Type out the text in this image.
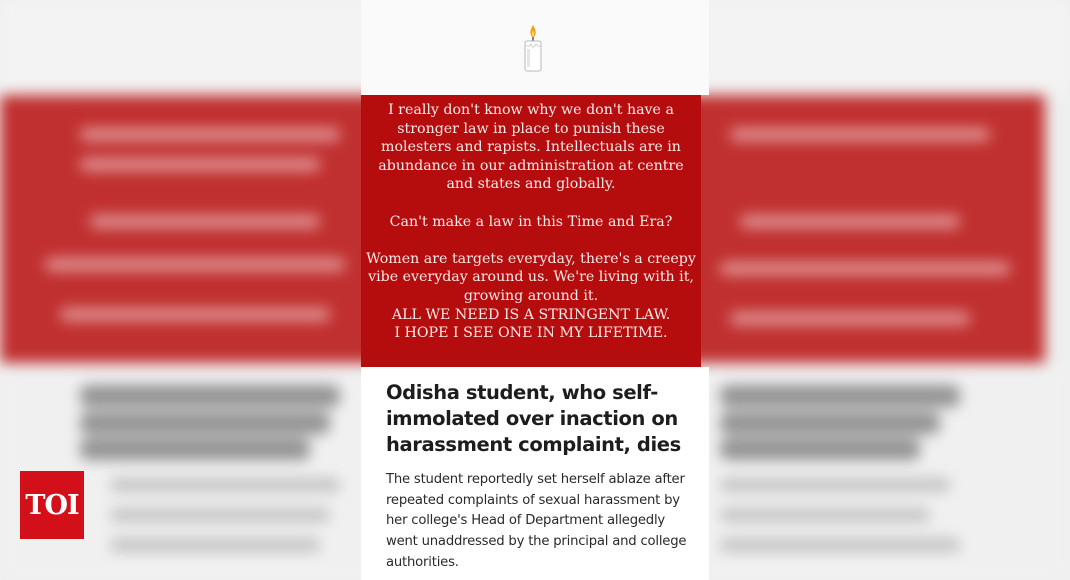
I really don't know why we don't have a
stronger law in place to punish these
molesters and rapists. Intellectuals are in
abundance in our administration at centre
and states and globally.
Can't make a law in this Time and Era?
Women are targets everyday, there's a creepy
vibe everyday around us. We're living with it,
growing around it.
ALL WE NEED IS A STRINGENT LAW.
I HOPE I SEE ONE IN MY LIFETIME.
Odisha student, who self-immolated over inaction on harassment complaint, dies
The student reportedly set herself ablaze after repeated complaints of sexual harassment by her college's Head of Department allegedly went unaddressed by the principal and college authorities.
TOI
